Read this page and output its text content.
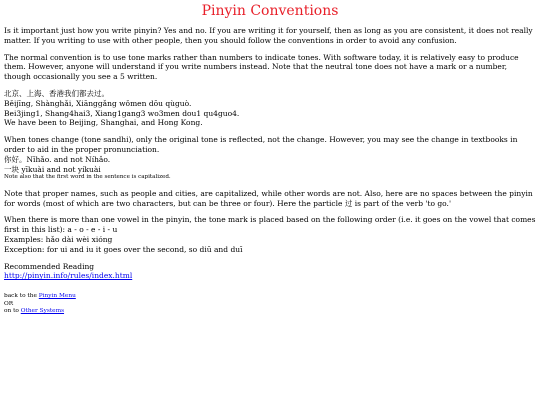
Pinyin Conventions

Is it important just how you write pinyin? Yes and no. If you are writing it for yourself, then as long as you are consistent, it does not really matter. If you writing to use with other people, then you should follow the conventions in order to avoid any confusion.

The normal convention is to use tone marks rather than numbers to indicate tones. With software today, it is relatively easy to produce them. However, anyone will understand if you write numbers instead. Note that the neutral tone does not have a mark or a number, though occasionally you see a 5 written.

北京、上海、香港我们都去过。
Běijīng, Shànghǎi, Xiānggǎng wǒmen dōu qùguò.
Bei3jing1, Shang4hai3, Xiang1gang3 wo3men dou1 qu4guo4.
We have been to Beijing, Shanghai, and Hong Kong.

When tones change (tone sandhi), only the original tone is reflected, not the change. However, you may see the change in textbooks in order to aid in the proper pronunciation.
你好。Nǐhǎo. and not Níhǎo.
一块 yīkuài and not yíkuài
Note also that the first word in the sentence is capitalized.

Note that proper names, such as people and cities, are capitalized, while other words are not. Also, here are no spaces between the pinyin for words (most of which are two characters, but can be three or four). Here the particle 过 is part of the verb 'to go.'

When there is more than one vowel in the pinyin, the tone mark is placed based on the following order (i.e. it goes on the vowel that comes first in this list): a - o - e - i - u
Examples: hǎo dài wèi xióng
Exception: for ui and iu it goes over the second, so diū and duī

Recommended Reading
http://pinyin.info/rules/index.html

back to the Pinyin Menu
OR
on to Other Systems
